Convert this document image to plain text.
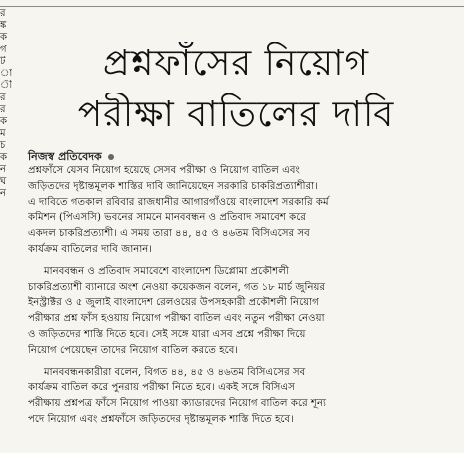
র
ঙ্ক
ক
গ
ট
া
ী
র
র
ক
ম
চ
ক
ন
ঘ
ন
প্রশ্নফাঁসের নিয়োগ
পরীক্ষা বাতিলের দাবি
নিজস্ব প্রতিবেদক
প্রশ্নফাঁসে যেসব নিয়োগ হয়েছে সেসব পরীক্ষা ও নিয়োগ বাতিল এবং
জড়িতদের দৃষ্টান্তমূলক শাস্তির দাবি জানিয়েছেন সরকারি চাকরিপ্রত্যাশীরা।
এ দাবিতে গতকাল রবিবার রাজধানীর আগারগাঁওয়ে বাংলাদেশ সরকারি কর্ম
কমিশন (পিএসসি) ভবনের সামনে মানববন্ধন ও প্রতিবাদ সমাবেশ করে
একদল চাকরিপ্রত্যাশী। এ সময় তারা ৪৪, ৪৫ ও ৪৬তম বিসিএসের সব
কার্যক্রম বাতিলের দাবি জানান।
মানববন্ধন ও প্রতিবাদ সমাবেশে বাংলাদেশ ডিপ্লোমা প্রকৌশলী
চাকরিপ্রত্যাশী ব্যানারে অংশ নেওয়া কয়েকজন বলেন, গত ১৮ মার্চ জুনিয়র
ইনস্ট্রাক্টর ও ৫ জুলাই বাংলাদেশ রেলওয়ের উপসহকারী প্রকৌশলী নিয়োগ
পরীক্ষার প্রশ্ন ফাঁস হওয়ায় নিয়োগ পরীক্ষা বাতিল এবং নতুন পরীক্ষা নেওয়া
ও জড়িতদের শাস্তি দিতে হবে। সেই সঙ্গে যারা এসব প্রশ্নে পরীক্ষা দিয়ে
নিয়োগ পেয়েছেন তাদের নিয়োগ বাতিল করতে হবে।
মানববন্ধনকারীরা বলেন, বিগত ৪৪, ৪৫ ও ৪৬তম বিসিএসের সব
কার্যক্রম বাতিল করে পুনরায় পরীক্ষা নিতে হবে। একই সঙ্গে বিসিএস
পরীক্ষায় প্রশ্নপত্র ফাঁসে নিয়োগ পাওয়া ক্যাডারদের নিয়োগ বাতিল করে শূন্য
পদে নিয়োগ এবং প্রশ্নফাঁসে জড়িতদের দৃষ্টান্তমূলক শাস্তি দিতে হবে।
